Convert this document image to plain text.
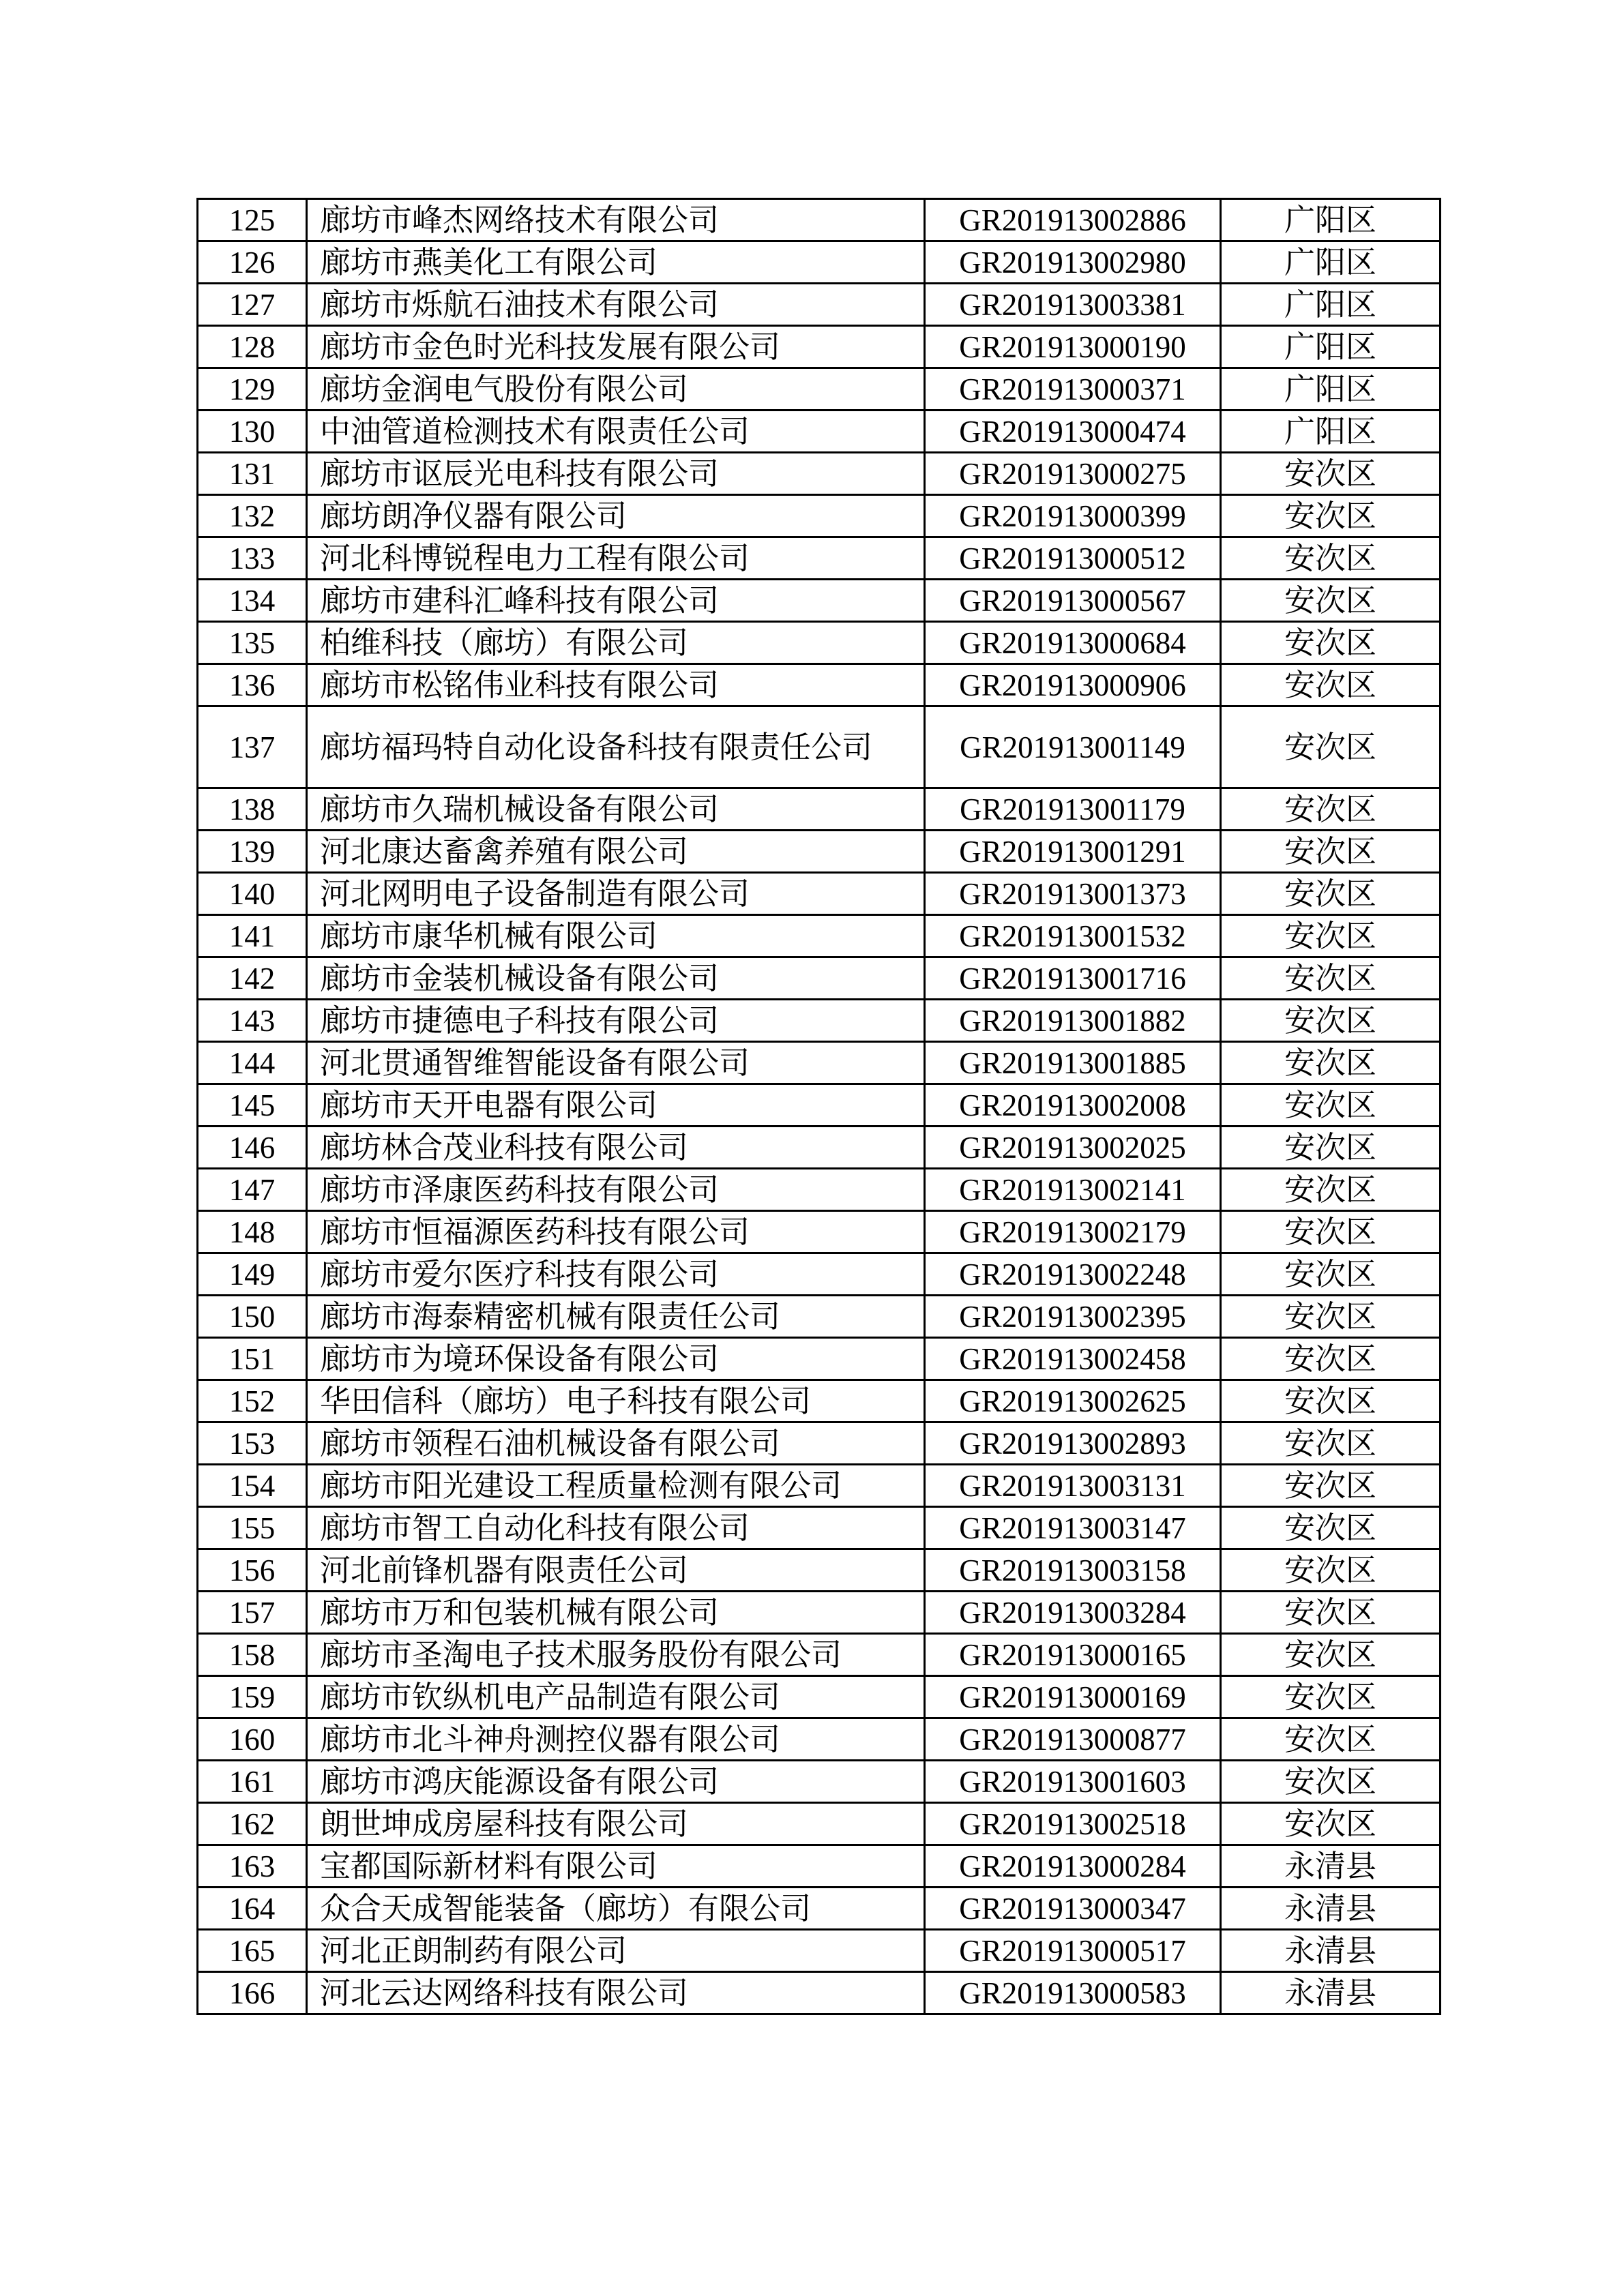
125	廊坊市峰杰网络技术有限公司	GR201913002886	广阳区
126	廊坊市燕美化工有限公司	GR201913002980	广阳区
127	廊坊市烁航石油技术有限公司	GR201913003381	广阳区
128	廊坊市金色时光科技发展有限公司	GR201913000190	广阳区
129	廊坊金润电气股份有限公司	GR201913000371	广阳区
130	中油管道检测技术有限责任公司	GR201913000474	广阳区
131	廊坊市讴辰光电科技有限公司	GR201913000275	安次区
132	廊坊朗净仪器有限公司	GR201913000399	安次区
133	河北科博锐程电力工程有限公司	GR201913000512	安次区
134	廊坊市建科汇峰科技有限公司	GR201913000567	安次区
135	柏维科技（廊坊）有限公司	GR201913000684	安次区
136	廊坊市松铭伟业科技有限公司	GR201913000906	安次区
137	廊坊福玛特自动化设备科技有限责任公司	GR201913001149	安次区
138	廊坊市久瑞机械设备有限公司	GR201913001179	安次区
139	河北康达畜禽养殖有限公司	GR201913001291	安次区
140	河北网明电子设备制造有限公司	GR201913001373	安次区
141	廊坊市康华机械有限公司	GR201913001532	安次区
142	廊坊市金装机械设备有限公司	GR201913001716	安次区
143	廊坊市捷德电子科技有限公司	GR201913001882	安次区
144	河北贯通智维智能设备有限公司	GR201913001885	安次区
145	廊坊市天开电器有限公司	GR201913002008	安次区
146	廊坊林合茂业科技有限公司	GR201913002025	安次区
147	廊坊市泽康医药科技有限公司	GR201913002141	安次区
148	廊坊市恒福源医药科技有限公司	GR201913002179	安次区
149	廊坊市爱尔医疗科技有限公司	GR201913002248	安次区
150	廊坊市海泰精密机械有限责任公司	GR201913002395	安次区
151	廊坊市为境环保设备有限公司	GR201913002458	安次区
152	华田信科（廊坊）电子科技有限公司	GR201913002625	安次区
153	廊坊市领程石油机械设备有限公司	GR201913002893	安次区
154	廊坊市阳光建设工程质量检测有限公司	GR201913003131	安次区
155	廊坊市智工自动化科技有限公司	GR201913003147	安次区
156	河北前锋机器有限责任公司	GR201913003158	安次区
157	廊坊市万和包装机械有限公司	GR201913003284	安次区
158	廊坊市圣淘电子技术服务股份有限公司	GR201913000165	安次区
159	廊坊市钦纵机电产品制造有限公司	GR201913000169	安次区
160	廊坊市北斗神舟测控仪器有限公司	GR201913000877	安次区
161	廊坊市鸿庆能源设备有限公司	GR201913001603	安次区
162	朗世坤成房屋科技有限公司	GR201913002518	安次区
163	宝都国际新材料有限公司	GR201913000284	永清县
164	众合天成智能装备（廊坊）有限公司	GR201913000347	永清县
165	河北正朗制药有限公司	GR201913000517	永清县
166	河北云达网络科技有限公司	GR201913000583	永清县
